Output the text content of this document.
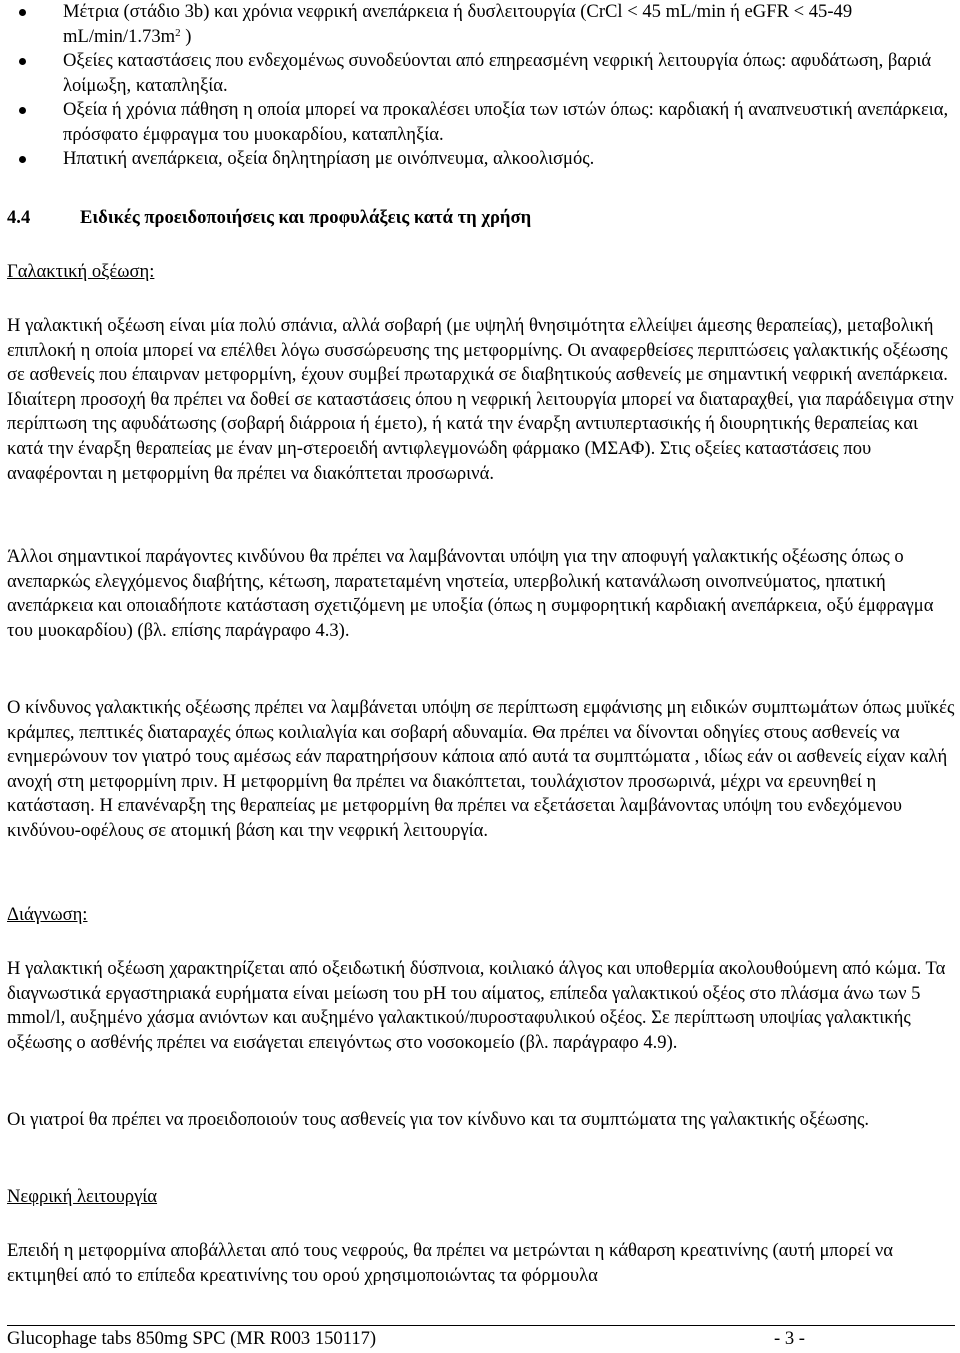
Μέτρια (στάδιο 3b) και χρόνια νεφρική ανεπάρκεια ή δυσλειτουργία (CrCl < 45 mL/min ή eGFR < 45-49 $mL/\min/1.73m^2$ )
Οξείες καταστάσεις που ενδεχομένως συνοδεύονται από επηρεασμένη νεφρική λειτουργία όπως: αφυδάτωση, βαριά λοίμωξη, καταπληξία.
Οξεία ή χρόνια πάθηση η οποία μπορεί να προκαλέσει υποξία των ιστών όπως: καρδιακή ή αναπνευστική ανεπάρκεια, πρόσφατο έμφραγμα του μυοκαρδίου, καταπληξία.
Ηπατική ανεπάρκεια, οξεία δηλητηρίαση με οινόπνευμα, αλκοολισμός.
4.4	Ειδικές προειδοποιήσεις και προφυλάξεις κατά τη χρήση

Γαλακτική οξέωση:

Η γαλακτική οξέωση είναι μία πολύ σπάνια, αλλά σοβαρή (με υψηλή θνησιμότητα ελλείψει άμεσης θεραπείας), μεταβολική επιπλοκή η οποία μπορεί να επέλθει λόγω συσσώρευσης της μετφορμίνης. Οι αναφερθείσες περιπτώσεις γαλακτικής οξέωσης σε ασθενείς που έπαιρναν μετφορμίνη, έχουν συμβεί πρωταρχικά σε διαβητικούς ασθενείς με σημαντική νεφρική ανεπάρκεια. Ιδιαίτερη προσοχή θα πρέπει να δοθεί σε καταστάσεις όπου η νεφρική λειτουργία μπορεί να διαταραχθεί, για παράδειγμα στην περίπτωση της αφυδάτωσης (σοβαρή διάρροια ή έμετο), ή κατά την έναρξη αντιυπερτασικής ή διουρητικής θεραπείας και κατά την έναρξη θεραπείας με έναν μη-στεροειδή αντιφλεγμονώδη φάρμακο (ΜΣΑΦ). Στις οξείες καταστάσεις που αναφέρονται η μετφορμίνη θα πρέπει να διακόπτεται προσωρινά.

Άλλοι σημαντικοί παράγοντες κινδύνου θα πρέπει να λαμβάνονται υπόψη για την αποφυγή γαλακτικής οξέωσης όπως ο ανεπαρκώς ελεγχόμενος διαβήτης, κέτωση, παρατεταμένη νηστεία, υπερβολική κατανάλωση οινοπνεύματος, ηπατική ανεπάρκεια και οποιαδήποτε κατάσταση σχετιζόμενη με υποξία (όπως η συμφορητική καρδιακή ανεπάρκεια, οξύ έμφραγμα του μυοκαρδίου) (βλ. επίσης παράγραφο 4.3).

Ο κίνδυνος γαλακτικής οξέωσης πρέπει να λαμβάνεται υπόψη σε περίπτωση εμφάνισης μη ειδικών συμπτωμάτων όπως μυϊκές κράμπες, πεπτικές διαταραχές όπως κοιλιαλγία και σοβαρή αδυναμία. Θα πρέπει να δίνονται οδηγίες στους ασθενείς να ενημερώνουν τον γιατρό τους αμέσως εάν παρατηρήσουν κάποια από αυτά τα συμπτώματα , ιδίως εάν οι ασθενείς είχαν καλή ανοχή στη μετφορμίνη πριν. Η μετφορμίνη θα πρέπει να διακόπτεται, τουλάχιστον προσωρινά, μέχρι να ερευνηθεί η κατάσταση. Η επανέναρξη της θεραπείας με μετφορμίνη θα πρέπει να εξετάσεται λαμβάνοντας υπόψη του ενδεχόμενου κινδύνου-οφέλους σε ατομική βάση και την νεφρική λειτουργία.

Διάγνωση:

Η γαλακτική οξέωση χαρακτηρίζεται από οξειδωτική δύσπνοια, κοιλιακό άλγος και υποθερμία ακολουθούμενη από κώμα. Τα διαγνωστικά εργαστηριακά ευρήματα είναι μείωση του pH του αίματος, επίπεδα γαλακτικού οξέος στο πλάσμα άνω των 5 mmol/l, αυξημένο χάσμα ανιόντων και αυξημένο γαλακτικού/πυροσταφυλικού οξέος. Σε περίπτωση υποψίας γαλακτικής οξέωσης ο ασθένής πρέπει να εισάγεται επειγόντως στο νοσοκομείο (βλ. παράγραφο 4.9).

Οι γιατροί θα πρέπει να προειδοποιούν τους ασθενείς για τον κίνδυνο και τα συμπτώματα της γαλακτικής οξέωσης.

Νεφρική λειτουργία

Επειδή η μετφορμίνα αποβάλλεται από τους νεφρούς, θα πρέπει να μετρώνται η κάθαρση κρεατινίνης (αυτή μπορεί να εκτιμηθεί από το επίπεδα κρεατινίνης του ορού χρησιμοποιώντας τα φόρμουλα

Glucophage tabs 850mg SPC (MR R003 150117)	- 3 -
